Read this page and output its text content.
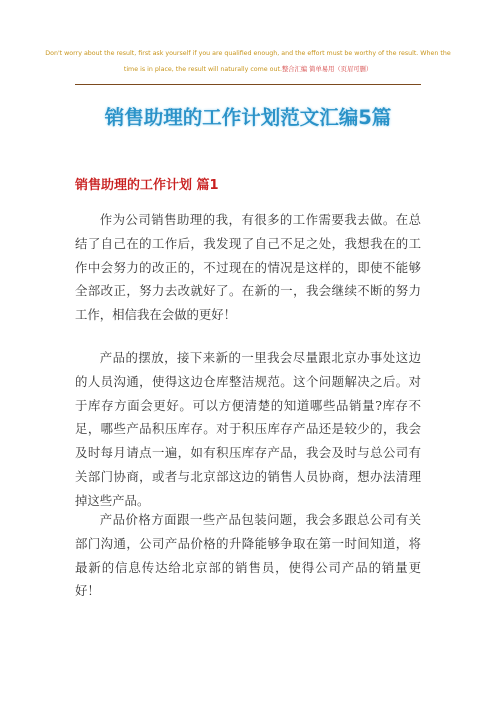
Don't worry about the result, first ask yourself if you are qualified enough, and the effort must be worthy of the result. When the time is in place, the result will naturally come out.整合汇编 简单易用（页眉可删）
销售助理的工作计划范文汇编5篇
销售助理的工作计划 篇1

作为公司销售助理的我，有很多的工作需要我去做。在总结了自己在的工作后，我发现了自己不足之处，我想我在的工作中会努力的改正的，不过现在的情况是这样的，即使不能够全部改正，努力去改就好了。在新的一，我会继续不断的努力工作，相信我在会做的更好！

产品的摆放，接下来新的一里我会尽量跟北京办事处这边的人员沟通，使得这边仓库整洁规范。这个问题解决之后。对于库存方面会更好。可以方便清楚的知道哪些品销量?库存不足，哪些产品积压库存。对于积压库存产品还是较少的，我会及时每月请点一遍，如有积压库存产品，我会及时与总公司有关部门协商，或者与北京部这边的销售人员协商，想办法清理掉这些产品。

产品价格方面跟一些产品包装问题，我会多跟总公司有关部门沟通，公司产品价格的升降能够争取在第一时间知道，将最新的信息传达给北京部的销售员，使得公司产品的销量更好！
